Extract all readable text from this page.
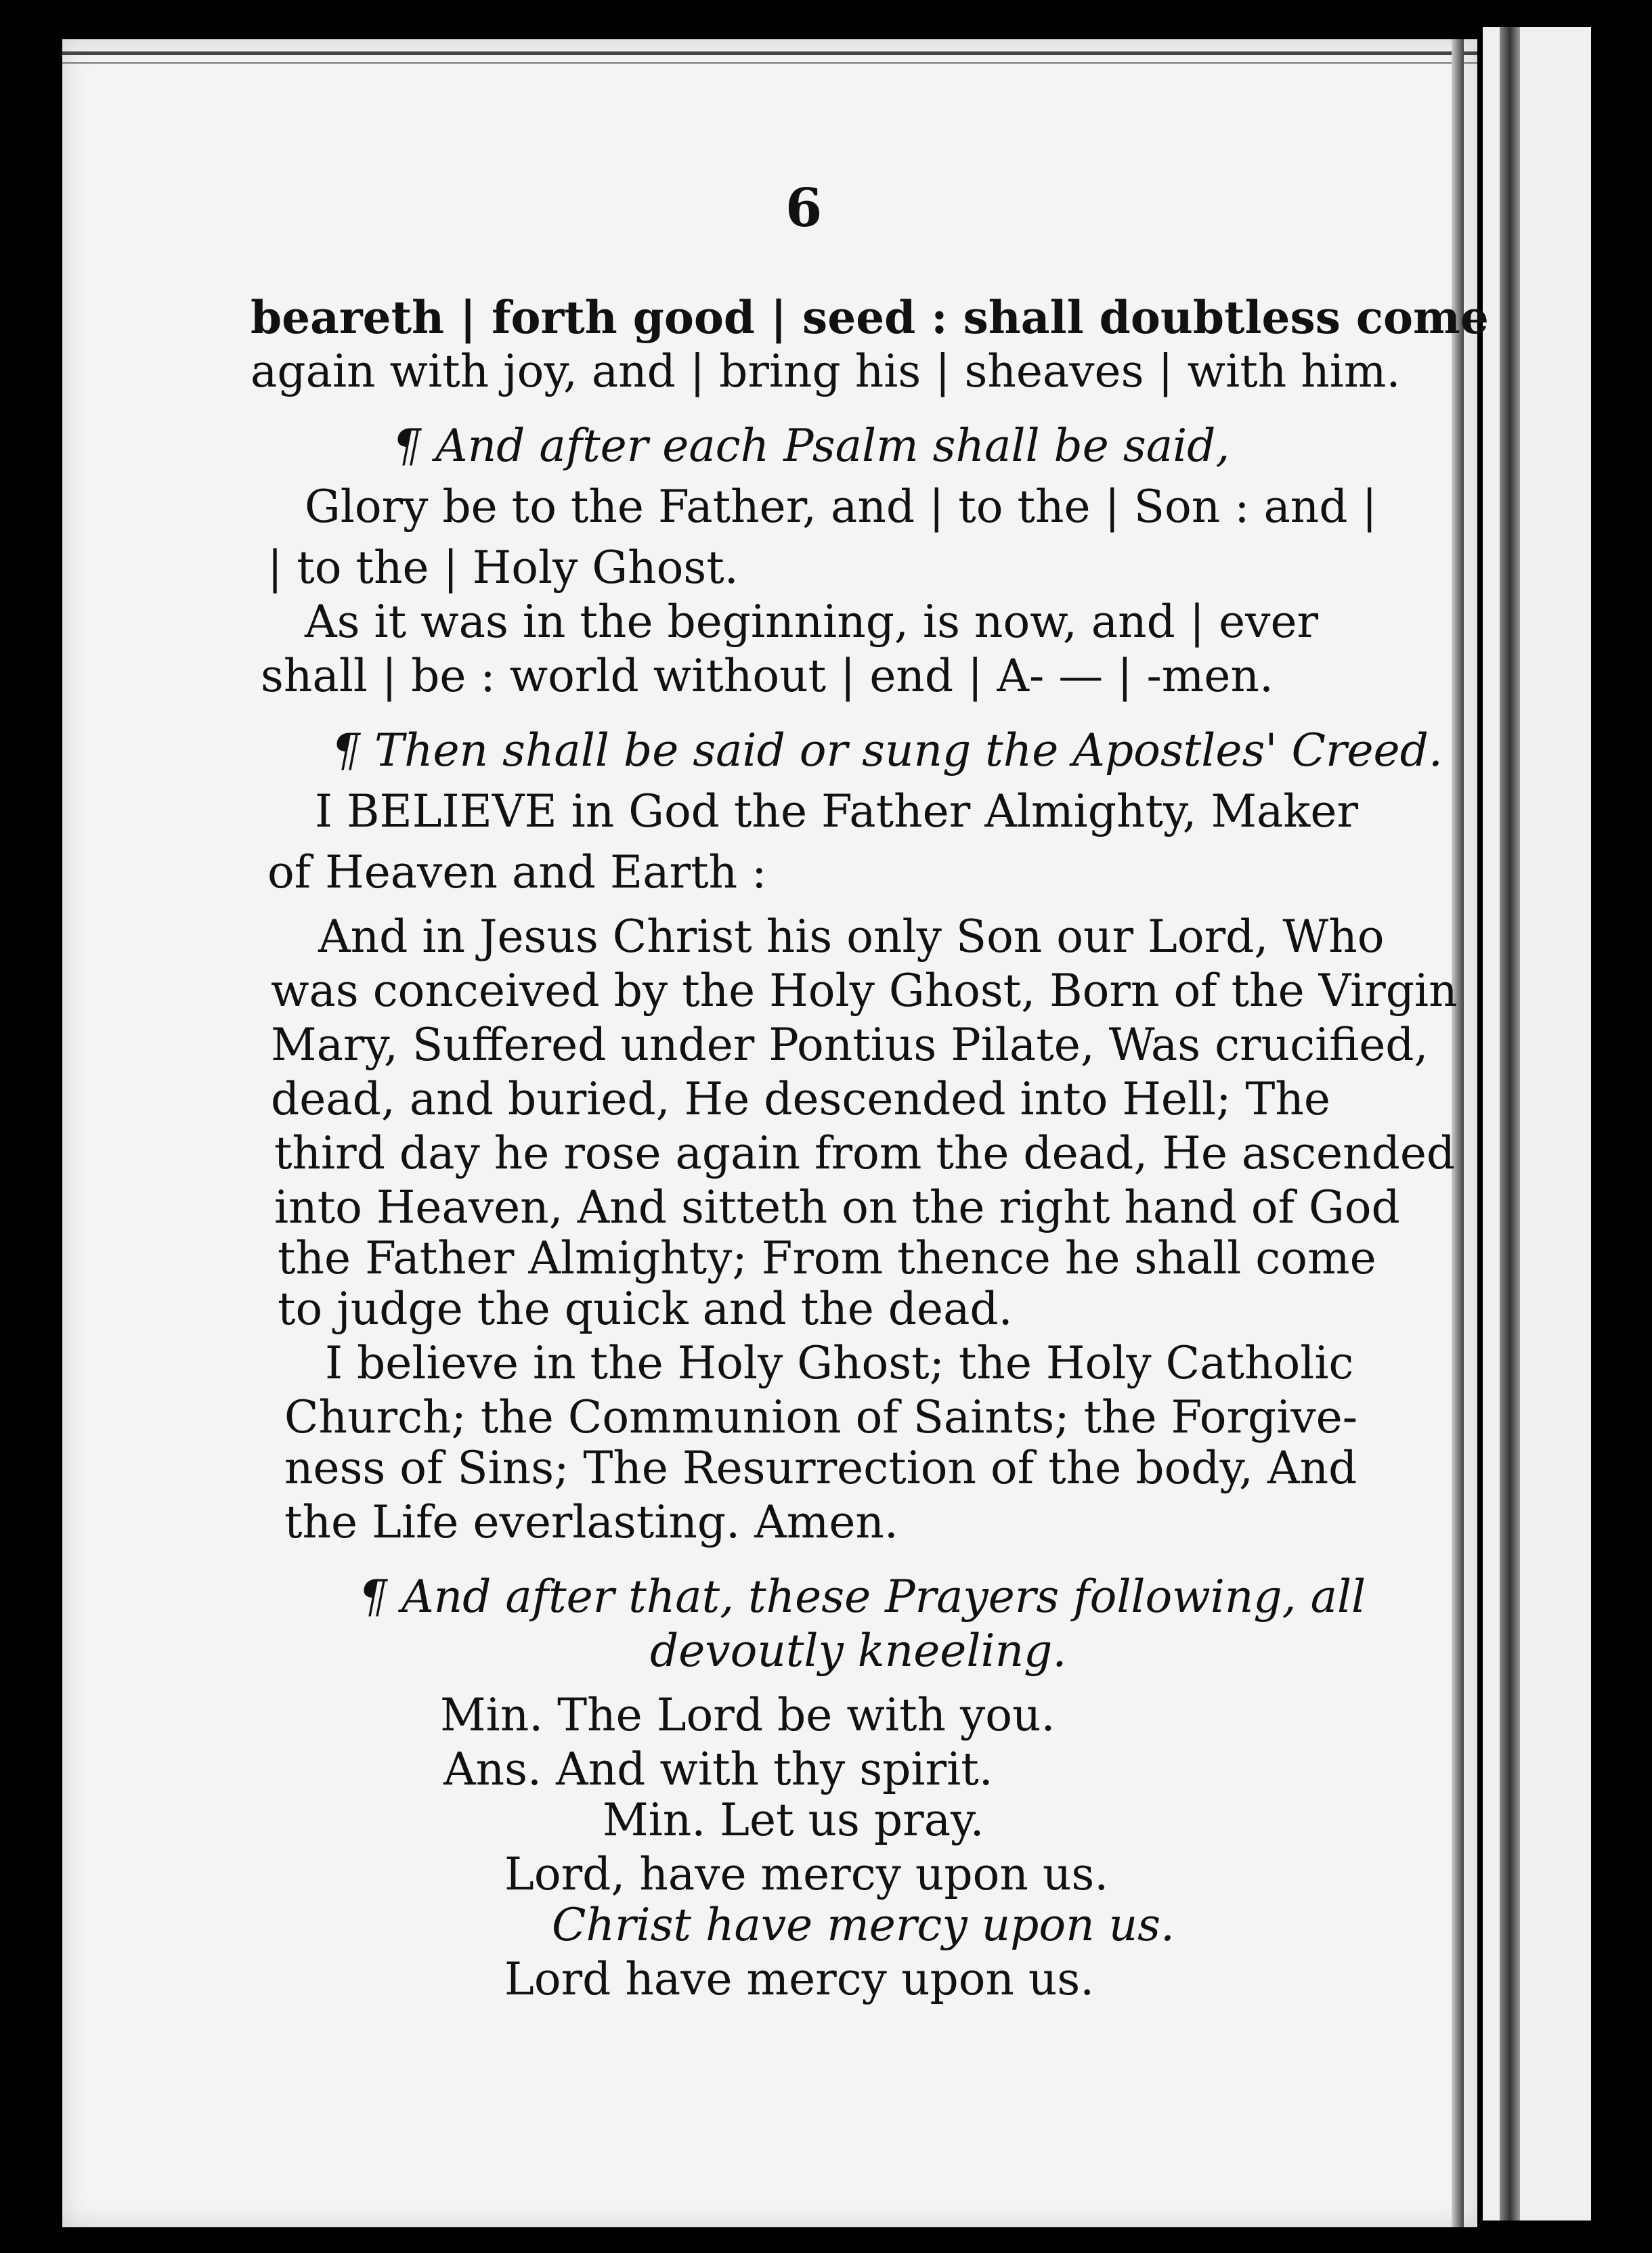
6
beareth | forth good | seed : shall doubtless come
again with joy, and | bring his | sheaves | with him.
¶ And after each Psalm shall be said,
Glory be to the Father, and | to the | Son : and |
| to the | Holy Ghost.
As it was in the beginning, is now, and | ever
shall | be : world without | end | A- — | -men.
¶ Then shall be said or sung the Apostles' Creed.
I BELIEVE in God the Father Almighty, Maker
of Heaven and Earth :
And in Jesus Christ his only Son our Lord, Who
was conceived by the Holy Ghost, Born of the Virgin
Mary, Suffered under Pontius Pilate, Was crucified,
dead, and buried, He descended into Hell; The
third day he rose again from the dead, He ascended
into Heaven, And sitteth on the right hand of God
the Father Almighty; From thence he shall come
to judge the quick and the dead.
I believe in the Holy Ghost; the Holy Catholic
Church; the Communion of Saints; the Forgive-
ness of Sins; The Resurrection of the body, And
the Life everlasting. Amen.
¶ And after that, these Prayers following, all
devoutly kneeling.
Min. The Lord be with you.
Ans. And with thy spirit.
Min. Let us pray.
Lord, have mercy upon us.
Christ have mercy upon us.
Lord have mercy upon us.
